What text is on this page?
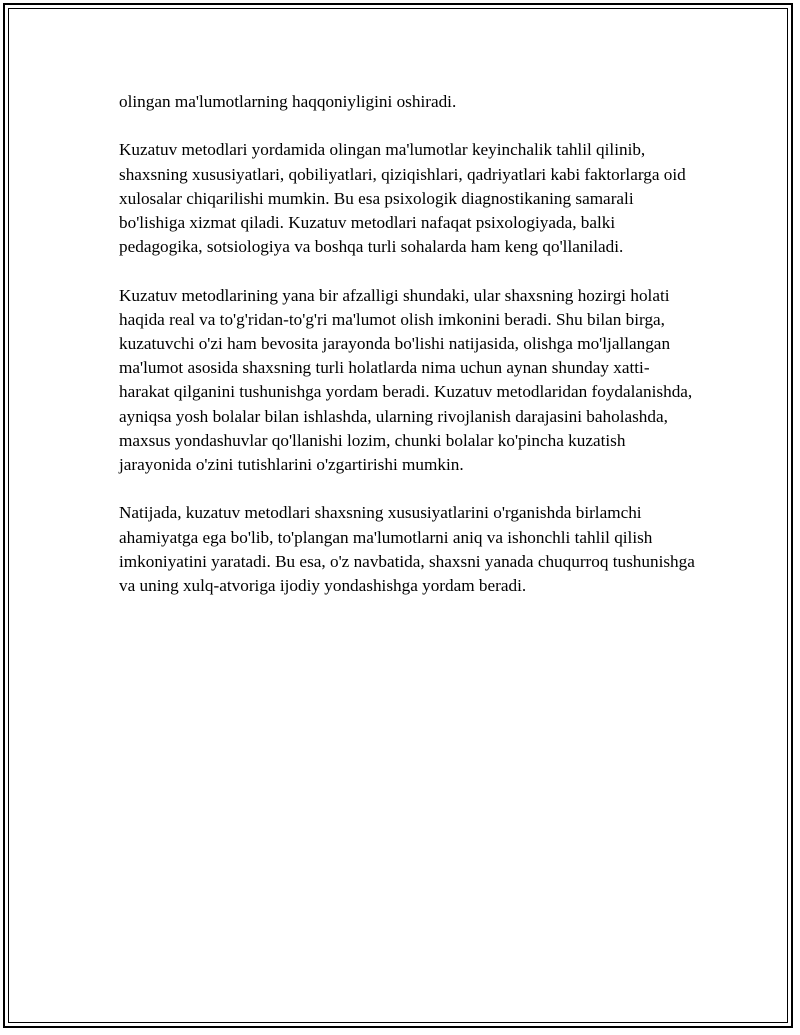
olingan ma'lumotlarning haqqoniyligini oshiradi.

Kuzatuv metodlari yordamida olingan ma'lumotlar keyinchalik tahlil qilinib, shaxsning xususiyatlari, qobiliyatlari, qiziqishlari, qadriyatlari kabi faktorlarga oid xulosalar chiqarilishi mumkin. Bu esa psixologik diagnostikaning samarali bo'lishiga xizmat qiladi. Kuzatuv metodlari nafaqat psixologiyada, balki pedagogika, sotsiologiya va boshqa turli sohalarda ham keng qo'llaniladi.

Kuzatuv metodlarining yana bir afzalligi shundaki, ular shaxsning hozirgi holati haqida real va to'g'ridan-to'g'ri ma'lumot olish imkonini beradi. Shu bilan birga, kuzatuvchi o'zi ham bevosita jarayonda bo'lishi natijasida, olishga mo'ljallangan ma'lumot asosida shaxsning turli holatlarda nima uchun aynan shunday xatti-harakat qilganini tushunishga yordam beradi. Kuzatuv metodlaridan foydalanishda, ayniqsa yosh bolalar bilan ishlashda, ularning rivojlanish darajasini baholashda, maxsus yondashuvlar qo'llanishi lozim, chunki bolalar ko'pincha kuzatish jarayonida o'zini tutishlarini o'zgartirishi mumkin.

Natijada, kuzatuv metodlari shaxsning xususiyatlarini o'rganishda birlamchi ahamiyatga ega bo'lib, to'plangan ma'lumotlarni aniq va ishonchli tahlil qilish imkoniyatini yaratadi. Bu esa, o'z navbatida, shaxsni yanada chuqurroq tushunishga va uning xulq-atvoriga ijodiy yondashishga yordam beradi.
